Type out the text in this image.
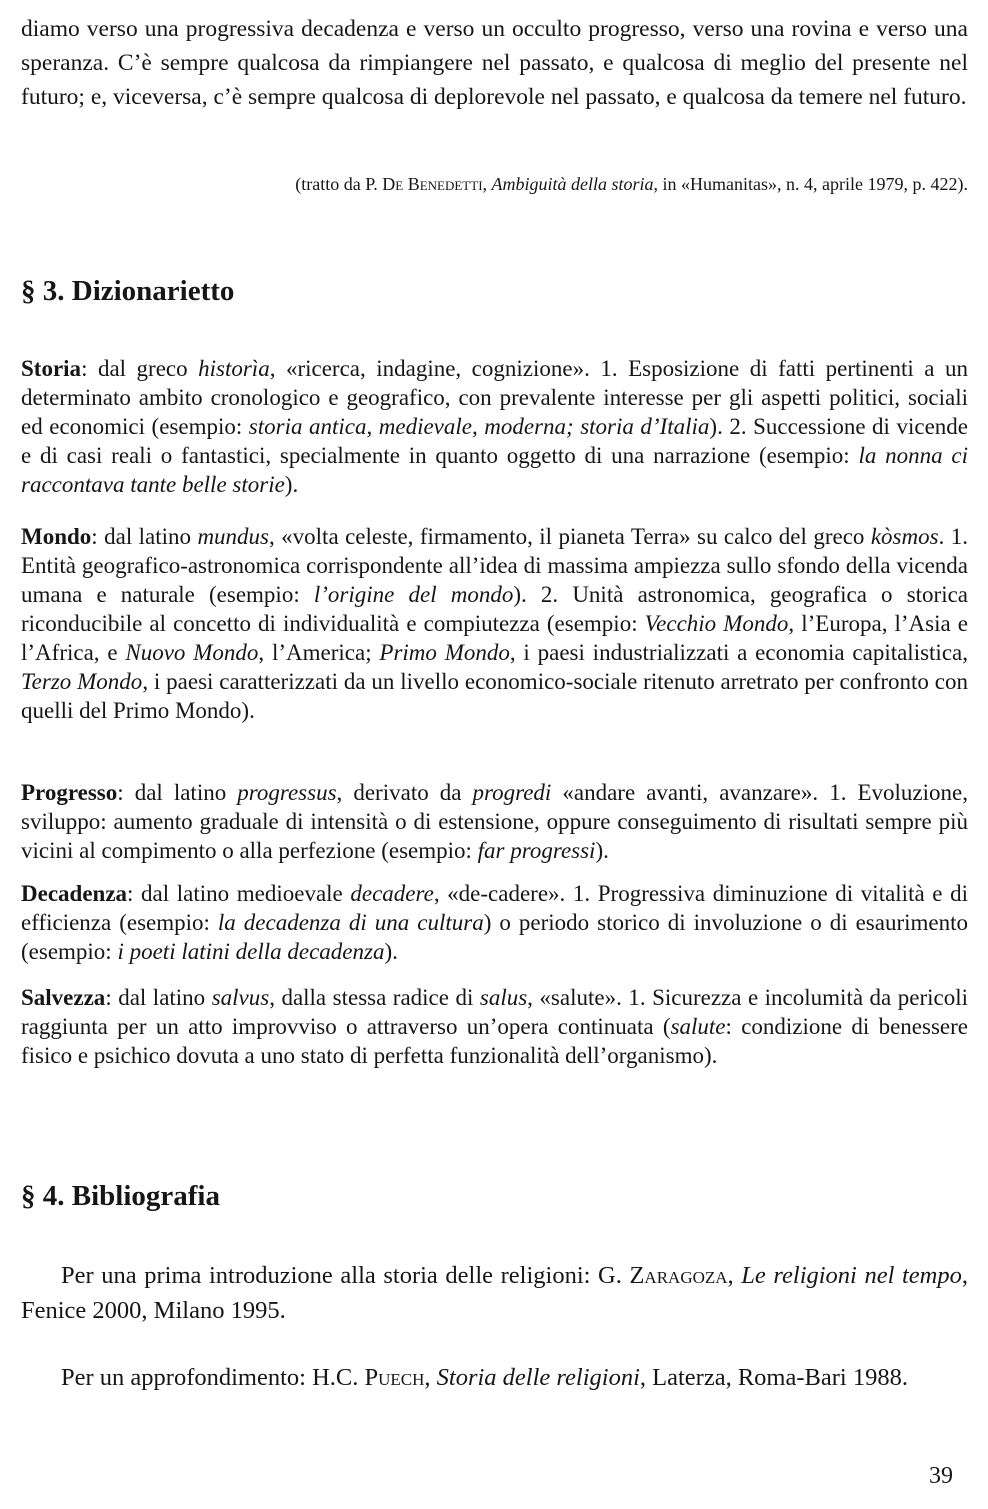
diamo verso una progressiva decadenza e verso un occulto progresso, verso una rovina e verso una speranza. C’è sempre qualcosa da rimpiangere nel passato, e qualcosa di meglio del presente nel futuro; e, viceversa, c’è sempre qualcosa di deplorevole nel passato, e qualcosa da temere nel futuro.

(tratto da P. De Benedetti, Ambiguità della storia, in «Humanitas», n. 4, aprile 1979, p. 422).

§ 3. Dizionarietto

Storia: dal greco historìa, «ricerca, indagine, cognizione». 1. Esposizione di fatti pertinenti a un determinato ambito cronologico e geografico, con prevalente interesse per gli aspetti politici, sociali ed economici (esempio: storia antica, medievale, moderna; storia d’Italia). 2. Successione di vicende e di casi reali o fantastici, specialmente in quanto oggetto di una narrazione (esempio: la nonna ci raccontava tante belle storie).

Mondo: dal latino mundus, «volta celeste, firmamento, il pianeta Terra» su calco del greco kòsmos. 1. Entità geografico-astronomica corrispondente all’idea di massima ampiezza sullo sfondo della vicenda umana e naturale (esempio: l’origine del mondo). 2. Unità astronomica, geografica o storica riconducibile al concetto di individualità e compiutezza (esempio: Vecchio Mondo, l’Europa, l’Asia e l’Africa, e Nuovo Mondo, l’America; Primo Mondo, i paesi industrializzati a economia capitalistica, Terzo Mondo, i paesi caratterizzati da un livello economico-sociale ritenuto arretrato per confronto con quelli del Primo Mondo).

Progresso: dal latino progressus, derivato da progredi «andare avanti, avanzare». 1. Evoluzione, sviluppo: aumento graduale di intensità o di estensione, oppure conseguimento di risultati sempre più vicini al compimento o alla perfezione (esempio: far progressi).

Decadenza: dal latino medioevale decadere, «de-cadere». 1. Progressiva diminuzione di vitalità e di efficienza (esempio: la decadenza di una cultura) o periodo storico di involuzione o di esaurimento (esempio: i poeti latini della decadenza).

Salvezza: dal latino salvus, dalla stessa radice di salus, «salute». 1. Sicurezza e incolumità da pericoli raggiunta per un atto improvviso o attraverso un’opera continuata (salute: condizione di benessere fisico e psichico dovuta a uno stato di perfetta funzionalità dell’organismo).

§ 4. Bibliografia

Per una prima introduzione alla storia delle religioni: G. Zaragoza, Le religioni nel tempo, Fenice 2000, Milano 1995.

Per un approfondimento: H.C. Puech, Storia delle religioni, Laterza, Roma-Bari 1988.

39
